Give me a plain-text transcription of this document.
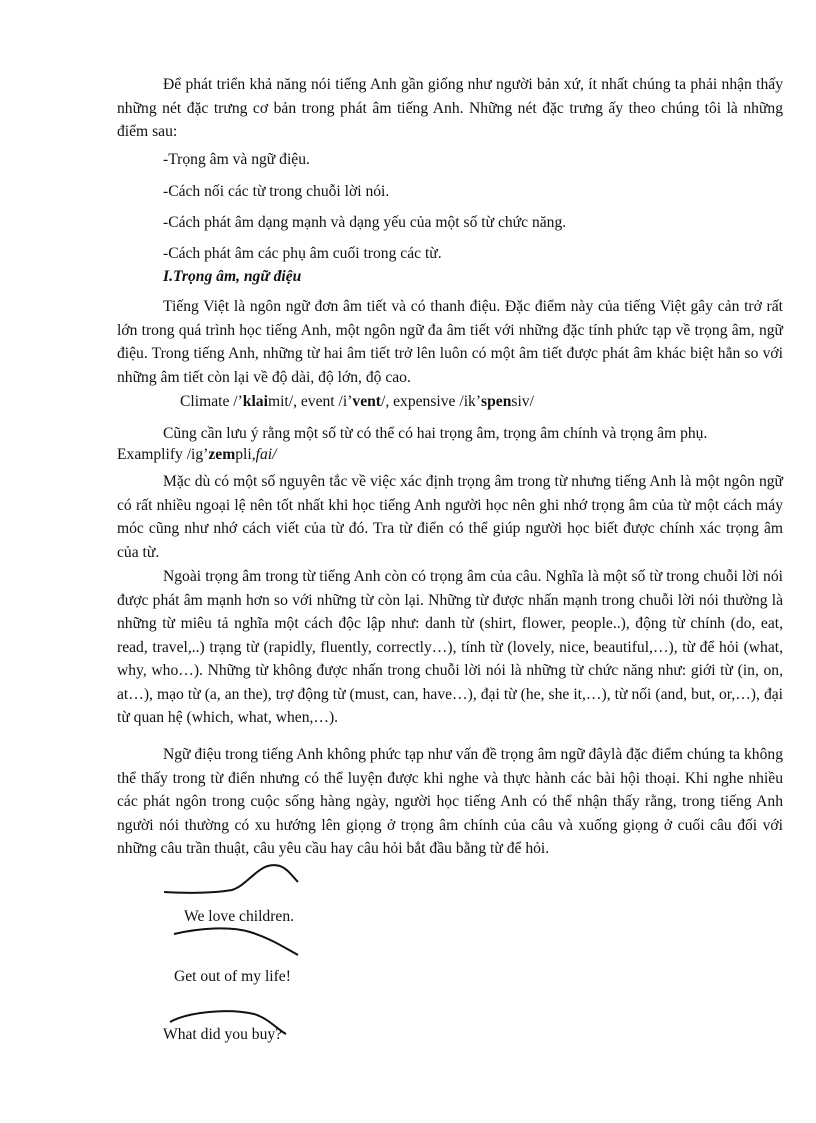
Để phát triển khả năng nói tiếng Anh gần giống như người bản xứ, ít nhất chúng ta phải nhận thấy những nét đặc trưng cơ bản trong phát âm tiếng Anh. Những nét đặc trưng ấy theo chúng tôi là những điểm sau:

-Trọng âm và ngữ điệu.

-Cách nối các từ trong chuỗi lời nói.

-Cách phát âm dạng mạnh và dạng yếu của một số từ chức năng.

-Cách phát âm các phụ âm cuối trong các từ.

I.Trọng âm, ngữ điệu

Tiếng Việt là ngôn ngữ đơn âm tiết và có thanh điệu. Đặc điểm này của tiếng Việt gây cản trở rất lớn trong quá trình học tiếng Anh, một ngôn ngữ đa âm tiết với những đặc tính phức tạp về trọng âm, ngữ điệu. Trong tiếng Anh, những từ hai âm tiết trở lên luôn có một âm tiết được phát âm khác biệt hẳn so với những âm tiết còn lại về độ dài, độ lớn, độ cao.

Climate /’klaimit/, event /i’vent/, expensive /ik’spensiv/

Cũng cần lưu ý rằng một số từ có thể có hai trọng âm, trọng âm chính và trọng âm phụ.

Examplify /ig’zempli,fai/

Mặc dù có một số nguyên tắc về việc xác định trọng âm trong từ nhưng tiếng Anh là một ngôn ngữ có rất nhiều ngoại lệ nên tốt nhất khi học tiếng Anh người học nên ghi nhớ trọng âm của từ một cách máy móc cũng như nhớ cách viết của từ đó. Tra từ điển có thể giúp người học biết được chính xác trọng âm của từ.

Ngoài trọng âm trong từ tiếng Anh còn có trọng âm của câu. Nghĩa là một số từ trong chuỗi lời nói được phát âm mạnh hơn so với những từ còn lại. Những từ được nhấn mạnh trong chuỗi lời nói thường là những từ miêu tả nghĩa một cách độc lập như: danh từ (shirt, flower, people..), động từ chính (do, eat, read, travel,..) trạng từ (rapidly, fluently, correctly…), tính từ (lovely, nice, beautiful,…), từ để hỏi (what, why, who…). Những từ không được nhấn trong chuỗi lời nói là những từ chức năng như: giới từ (in, on, at…), mạo từ (a, an the), trợ động từ (must, can, have…), đại từ (he, she it,…), từ nối (and, but, or,…), đại từ quan hệ (which, what, when,…).

Ngữ điệu trong tiếng Anh không phức tạp như vấn đề trọng âm ngữ đâylà đặc điểm chúng ta không thể thấy trong từ điển nhưng có thể luyện được khi nghe và thực hành các bài hội thoại. Khi nghe nhiều các phát ngôn trong cuộc sống hàng ngày, người học tiếng Anh có thể nhận thấy rằng, trong tiếng Anh người nói thường có xu hướng lên giọng ở trọng âm chính của câu và xuống giọng ở cuối câu đối với những câu trần thuật, câu yêu cầu hay câu hỏi bắt đầu bằng từ để hỏi.

We love children.

Get out of my life!

What did you buy?
